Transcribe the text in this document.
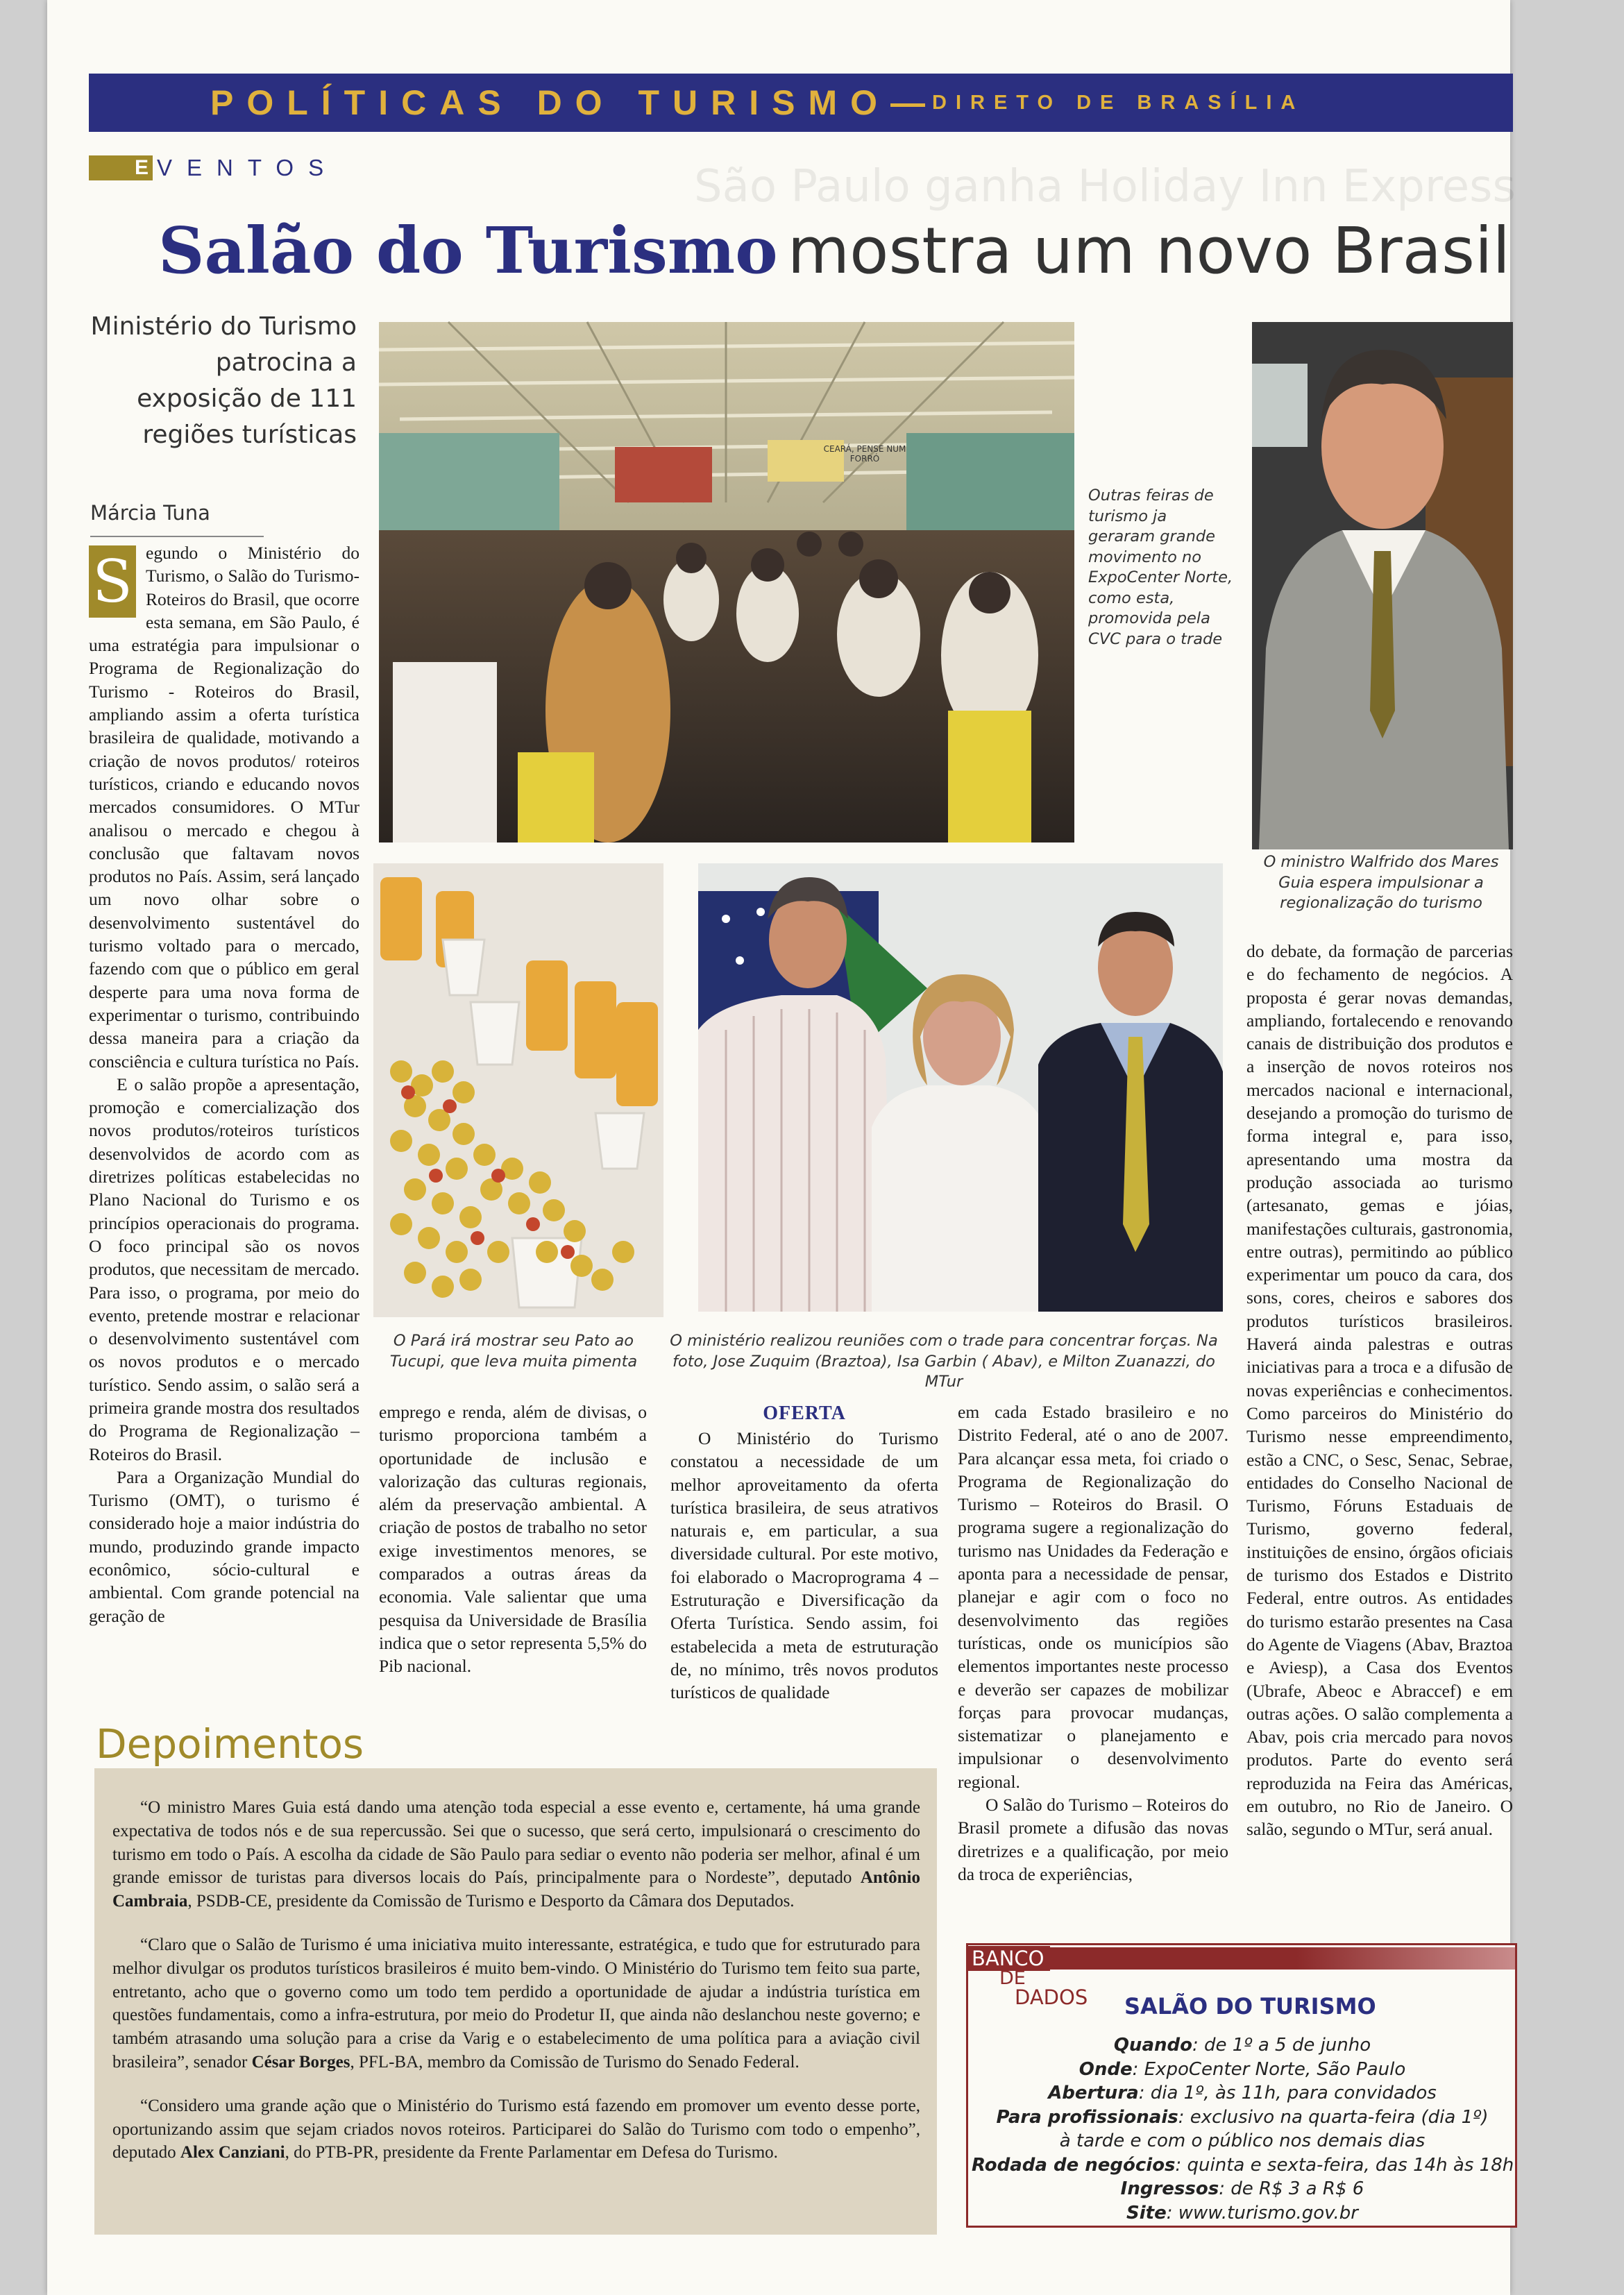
São Paulo ganha Holiday Inn Express
POLÍTICAS DO TURISMO — DIRETO DE BRASÍLIA
E VENTOS
Salão do Turismo mostra um novo Brasil
Ministério do Turismo patrocina a exposição de 111 regiões turísticas
Márcia Tuna
S egundo o Ministério do Turismo, o Salão do Turismo-Roteiros do Brasil, que ocorre esta semana, em São Paulo, é uma estratégia para impulsionar o Programa de Regionalização do Turismo - Roteiros do Brasil, ampliando assim a oferta turística brasileira de qualidade, motivando a criação de novos produtos/ roteiros turísticos, criando e educando novos mercados consumidores. O MTur analisou o mercado e chegou à conclusão que faltavam novos produtos no País. Assim, será lançado um novo olhar sobre o desenvolvimento sustentável do turismo voltado para o mercado, fazendo com que o público em geral desperte para uma nova forma de experimentar o turismo, contribuindo dessa maneira para a criação da consciência e cultura turística no País.

E o salão propõe a apresentação, promoção e comercialização dos novos produtos/roteiros turísticos desenvolvidos de acordo com as diretrizes políticas estabelecidas no Plano Nacional do Turismo e os princípios operacionais do programa. O foco principal são os novos produtos, que necessitam de mercado. Para isso, o programa, por meio do evento, pretende mostrar e relacionar o desenvolvimento sustentável com os novos produtos e o mercado turístico. Sendo assim, o salão será a primeira grande mostra dos resultados do Programa de Regionalização – Roteiros do Brasil.

Para a Organização Mundial do Turismo (OMT), o turismo é considerado hoje a maior indústria do mundo, produzindo grande impacto econômico, sócio-cultural e ambiental. Com grande potencial na geração de

CEARÁ, PENSE NUM FORRÓ
Outras feiras de turismo ja geraram grande movimento no ExpoCenter Norte, como esta, promovida pela CVC para o trade
O ministro Walfrido dos Mares Guia espera impulsionar a regionalização do turismo
O Pará irá mostrar seu Pato ao Tucupi, que leva muita pimenta
O ministério realizou reuniões com o trade para concentrar forças. Na foto, Jose Zuquim (Braztoa), Isa Garbin ( Abav), e Milton Zuanazzi, do MTur

emprego e renda, além de divisas, o turismo proporciona também a oportunidade de inclusão e valorização das culturas regionais, além da preservação ambiental. A criação de postos de trabalho no setor exige investimentos menores, se comparados a outras áreas da economia. Vale salientar que uma pesquisa da Universidade de Brasília indica que o setor representa 5,5% do Pib nacional.

OFERTA

O Ministério do Turismo constatou a necessidade de um melhor aproveitamento da oferta turística brasileira, de seus atrativos naturais e, em particular, a sua diversidade cultural. Por este motivo, foi elaborado o Macroprograma 4 – Estruturação e Diversificação da Oferta Turística. Sendo assim, foi estabelecida a meta de estruturação de, no mínimo, três novos produtos turísticos de qualidade

em cada Estado brasileiro e no Distrito Federal, até o ano de 2007. Para alcançar essa meta, foi criado o Programa de Regionalização do Turismo – Roteiros do Brasil. O programa sugere a regionalização do turismo nas Unidades da Federação e aponta para a necessidade de pensar, planejar e agir com o foco no desenvolvimento das regiões turísticas, onde os municípios são elementos importantes neste processo e deverão ser capazes de mobilizar forças para provocar mudanças, sistematizar o planejamento e impulsionar o desenvolvimento regional.

O Salão do Turismo – Roteiros do Brasil promete a difusão das novas diretrizes e a qualificação, por meio da troca de experiências,

do debate, da formação de parcerias e do fechamento de negócios. A proposta é gerar novas demandas, ampliando, fortalecendo e renovando canais de distribuição dos produtos e a inserção de novos roteiros nos mercados nacional e internacional, desejando a promoção do turismo de forma integral e, para isso, apresentando uma mostra da produção associada ao turismo (artesanato, gemas e jóias, manifestações culturais, gastronomia, entre outras), permitindo ao público experimentar um pouco da cara, dos sons, cores, cheiros e sabores dos produtos turísticos brasileiros. Haverá ainda palestras e outras iniciativas para a troca e a difusão de novas experiências e conhecimentos. Como parceiros do Ministério do Turismo nesse empreendimento, estão a CNC, o Sesc, Senac, Sebrae, entidades do Conselho Nacional de Turismo, Fóruns Estaduais de Turismo, governo federal, instituições de ensino, órgãos oficiais de turismo dos Estados e Distrito Federal, entre outros. As entidades do turismo estarão presentes na Casa do Agente de Viagens (Abav, Braztoa e Aviesp), a Casa dos Eventos (Ubrafe, Abeoc e Abraccef) e em outras ações. O salão complementa a Abav, pois cria mercado para novos produtos. Parte do evento será reproduzida na Feira das Américas, em outubro, no Rio de Janeiro. O salão, segundo o MTur, será anual.

Depoimentos

“O ministro Mares Guia está dando uma atenção toda especial a esse evento e, certamente, há uma grande expectativa de todos nós e de sua repercussão. Sei que o sucesso, que será certo, impulsionará o crescimento do turismo em todo o País. A escolha da cidade de São Paulo para sediar o evento não poderia ser melhor, afinal é um grande emissor de turistas para diversos locais do País, principalmente para o Nordeste”, deputado Antônio Cambraia, PSDB-CE, presidente da Comissão de Turismo e Desporto da Câmara dos Deputados.

“Claro que o Salão de Turismo é uma iniciativa muito interessante, estratégica, e tudo que for estruturado para melhor divulgar os produtos turísticos brasileiros é muito bem-vindo. O Ministério do Turismo tem feito sua parte, entretanto, acho que o governo como um todo tem perdido a oportunidade de ajudar a indústria turística em questões fundamentais, como a infra-estrutura, por meio do Prodetur II, que ainda não deslanchou neste governo; e também atrasando uma solução para a crise da Varig e o estabelecimento de uma política para a aviação civil brasileira”, senador César Borges, PFL-BA, membro da Comissão de Turismo do Senado Federal.

“Considero uma grande ação que o Ministério do Turismo está fazendo em promover um evento desse porte, oportunizando assim que sejam criados novos roteiros. Participarei do Salão do Turismo com todo o empenho”, deputado Alex Canziani, do PTB-PR, presidente da Frente Parlamentar em Defesa do Turismo.

BANCO
DE
DADOS SALÃO DO TURISMO
Quando: de 1º a 5 de junho
Onde: ExpoCenter Norte, São Paulo
Abertura: dia 1º, às 11h, para convidados
Para profissionais: exclusivo na quarta-feira (dia 1º)
à tarde e com o público nos demais dias
Rodada de negócios: quinta e sexta-feira, das 14h às 18h
Ingressos: de R$ 3 a R$ 6
Site: www.turismo.gov.br
